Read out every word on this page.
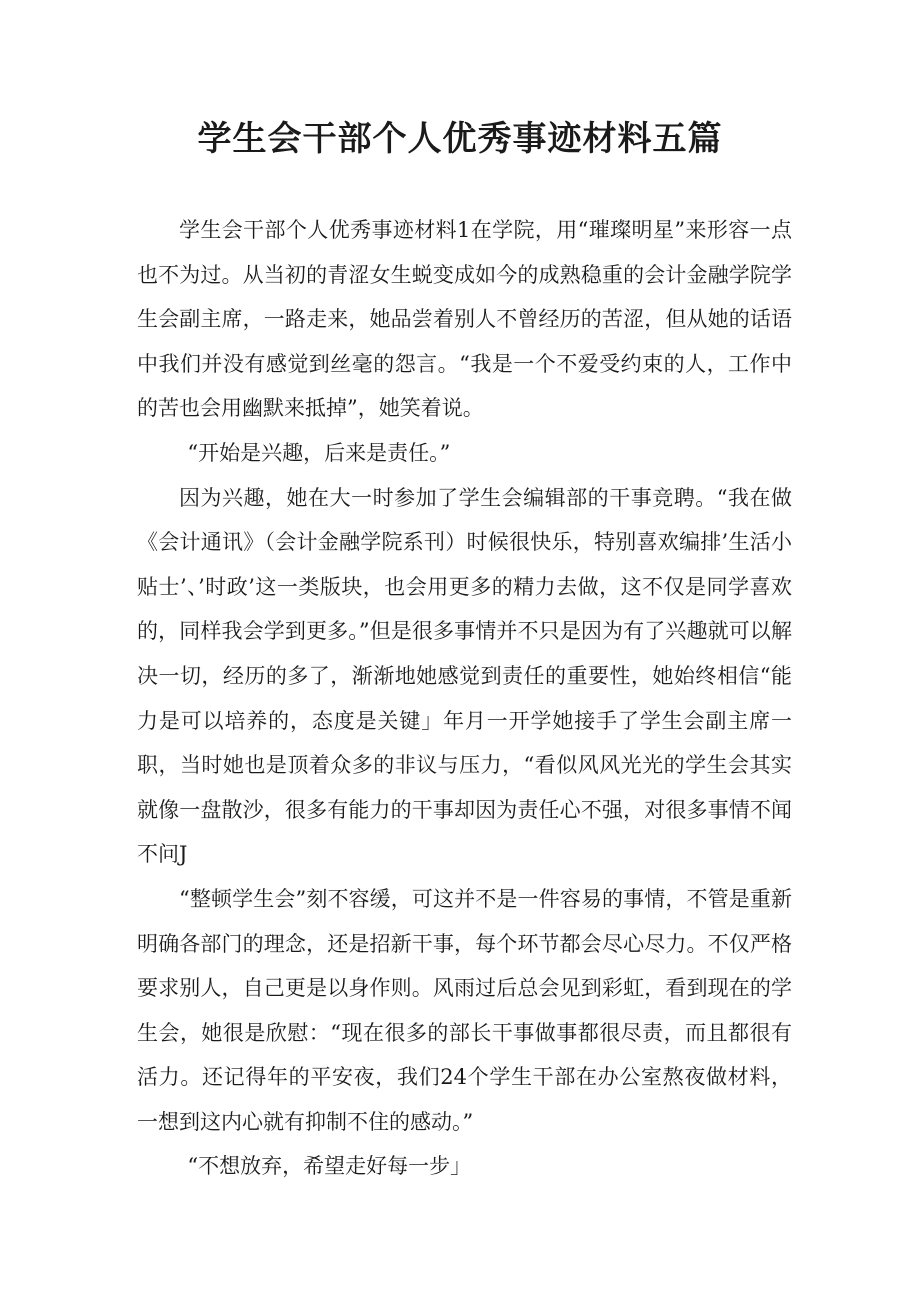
学生会干部个人优秀事迹材料五篇

学生会干部个人优秀事迹材料1在学院，用“璀璨明星”来形容一点也不为过。从当初的青涩女生蜕变成如今的成熟稳重的会计金融学院学生会副主席，一路走来，她品尝着别人不曾经历的苦涩，但从她的话语中我们并没有感觉到丝毫的怨言。“我是一个不爱受约束的人，工作中的苦也会用幽默来抵掉”，她笑着说。

“开始是兴趣，后来是责任。”

因为兴趣，她在大一时参加了学生会编辑部的干事竞聘。“我在做《会计通讯》（会计金融学院系刊）时候很快乐，特别喜欢编排’生活小贴士’、’时政’这一类版块，也会用更多的精力去做，这不仅是同学喜欢的，同样我会学到更多。”但是很多事情并不只是因为有了兴趣就可以解决一切，经历的多了，渐渐地她感觉到责任的重要性，她始终相信“能力是可以培养的，态度是关键」年月一开学她接手了学生会副主席一职，当时她也是顶着众多的非议与压力，“看似风风光光的学生会其实就像一盘散沙，很多有能力的干事却因为责任心不强，对很多事情不闻不问J

“整顿学生会”刻不容缓，可这并不是一件容易的事情，不管是重新明确各部门的理念，还是招新干事，每个环节都会尽心尽力。不仅严格要求别人，自己更是以身作则。风雨过后总会见到彩虹，看到现在的学生会，她很是欣慰：“现在很多的部长干事做事都很尽责，而且都很有活力。还记得年的平安夜，我们24个学生干部在办公室熬夜做材料，一想到这内心就有抑制不住的感动。”

“不想放弃，希望走好每一步」
